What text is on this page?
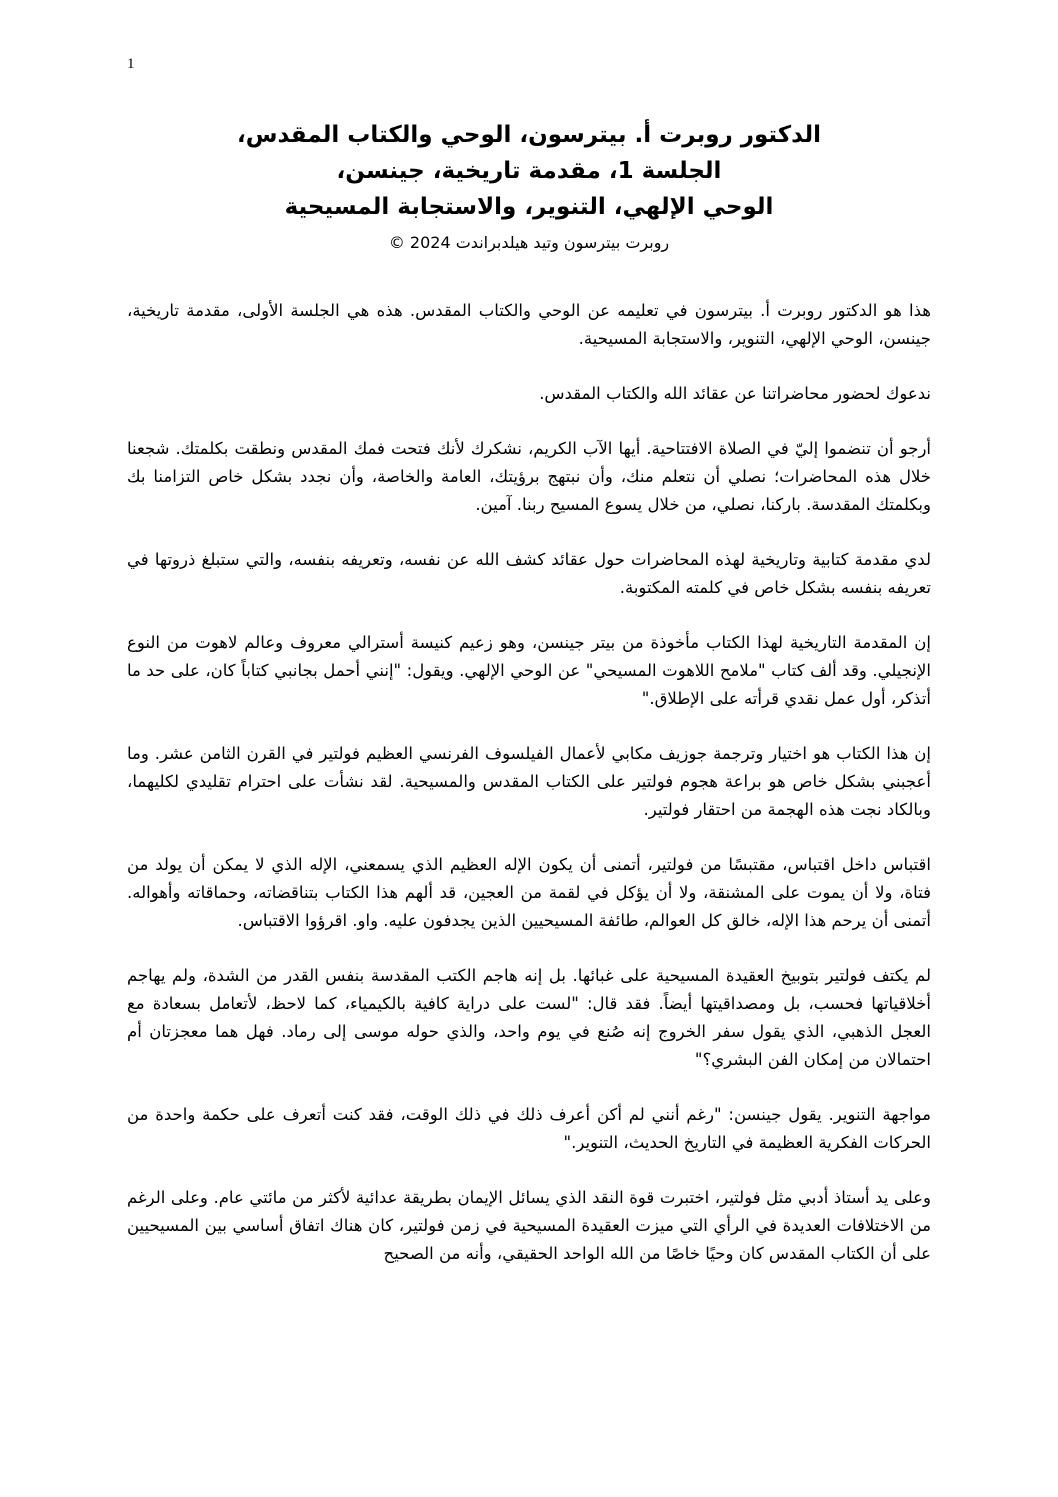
1
الدكتور روبرت أ. بيترسون، الوحي والكتاب المقدس،
الجلسة 1، مقدمة تاريخية، جينسن،
الوحي الإلهي، التنوير، والاستجابة المسيحية
روبرت بيترسون وتيد هيلدبراندت 2024 ©

هذا هو الدكتور روبرت أ. بيترسون في تعليمه عن الوحي والكتاب المقدس. هذه هي الجلسة الأولى، مقدمة تاريخية، جينسن، الوحي الإلهي، التنوير، والاستجابة المسيحية.

ندعوك لحضور محاضراتنا عن عقائد الله والكتاب المقدس.

أرجو أن تنضموا إليّ في الصلاة الافتتاحية. أيها الآب الكريم، نشكرك لأنك فتحت فمك المقدس ونطقت بكلمتك. شجعنا خلال هذه المحاضرات؛ نصلي أن نتعلم منك، وأن نبتهج برؤيتك، العامة والخاصة، وأن نجدد بشكل خاص التزامنا بك وبكلمتك المقدسة. باركنا، نصلي، من خلال يسوع المسيح ربنا. آمين.

لدي مقدمة كتابية وتاريخية لهذه المحاضرات حول عقائد كشف الله عن نفسه، وتعريفه بنفسه، والتي ستبلغ ذروتها في تعريفه بنفسه بشكل خاص في كلمته المكتوبة.

إن المقدمة التاريخية لهذا الكتاب مأخوذة من بيتر جينسن، وهو زعيم كنيسة أسترالي معروف وعالم لاهوت من النوع الإنجيلي. وقد ألف كتاب "ملامح اللاهوت المسيحي" عن الوحي الإلهي. ويقول: "إنني أحمل بجانبي كتاباً كان، على حد ما أتذكر، أول عمل نقدي قرأته على الإطلاق."

إن هذا الكتاب هو اختيار وترجمة جوزيف مكابي لأعمال الفيلسوف الفرنسي العظيم فولتير في القرن الثامن عشر. وما أعجبني بشكل خاص هو براعة هجوم فولتير على الكتاب المقدس والمسيحية. لقد نشأت على احترام تقليدي لكليهما، وبالكاد نجت هذه الهجمة من احتقار فولتير.

اقتباس داخل اقتباس، مقتبسًا من فولتير، أتمنى أن يكون الإله العظيم الذي يسمعني، الإله الذي لا يمكن أن يولد من فتاة، ولا أن يموت على المشنقة، ولا أن يؤكل في لقمة من العجين، قد ألهم هذا الكتاب بتناقضاته، وحماقاته وأهواله. أتمنى أن يرحم هذا الإله، خالق كل العوالم، طائفة المسيحيين الذين يجدفون عليه. واو. اقرؤوا الاقتباس.

لم يكتف فولتير بتوبيخ العقيدة المسيحية على غبائها. بل إنه هاجم الكتب المقدسة بنفس القدر من الشدة، ولم يهاجم أخلاقياتها فحسب، بل ومصداقيتها أيضاً. فقد قال: "لست على دراية كافية بالكيمياء، كما لاحظ، لأتعامل بسعادة مع العجل الذهبي، الذي يقول سفر الخروج إنه صُنع في يوم واحد، والذي حوله موسى إلى رماد. فهل هما معجزتان أم احتمالان من إمكان الفن البشري؟"

مواجهة التنوير. يقول جينسن: "رغم أنني لم أكن أعرف ذلك في ذلك الوقت، فقد كنت أتعرف على حكمة واحدة من الحركات الفكرية العظيمة في التاريخ الحديث، التنوير."

وعلى يد أستاذ أدبي مثل فولتير، اختبرت قوة النقد الذي يسائل الإيمان بطريقة عدائية لأكثر من مائتي عام. وعلى الرغم من الاختلافات العديدة في الرأي التي ميزت العقيدة المسيحية في زمن فولتير، كان هناك اتفاق أساسي بين المسيحيين على أن الكتاب المقدس كان وحيًا خاصًا من الله الواحد الحقيقي، وأنه من الصحيح
